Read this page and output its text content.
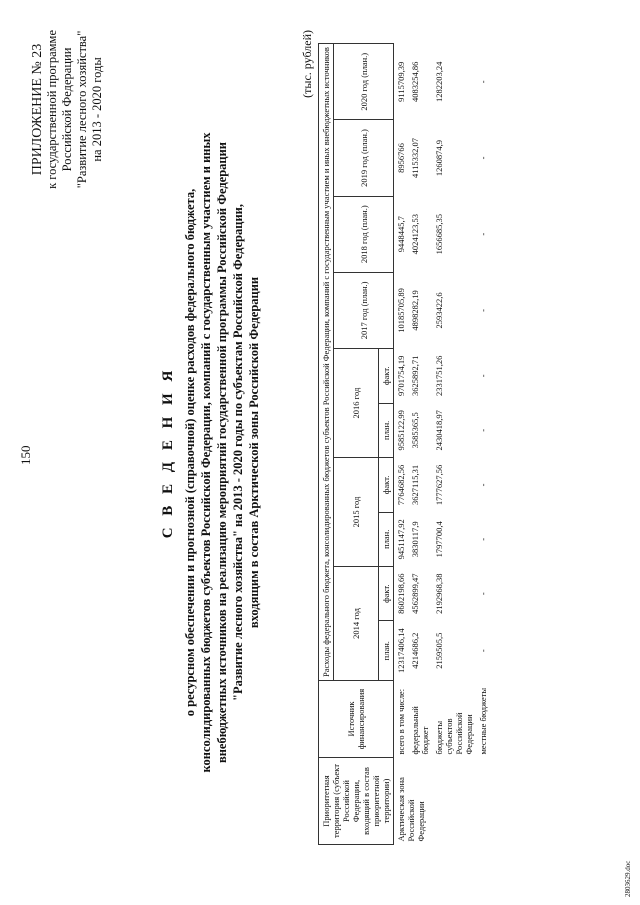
150
ПРИЛОЖЕНИЕ № 23 к государственной программе Российской Федерации "Развитие лесного хозяйства" на 2013 - 2020 годы
С В Е Д Е Н И Я о ресурсном обеспечении и прогнозной (справочной) оценке расходов федерального бюджета, консолидированных бюджетов субъектов Российской Федерации, компаний с государственным участием и иных внебюджетных источников на реализацию мероприятий государственной программы Российской Федерации "Развитие лесного хозяйства" на 2013 - 2020 годы по субъектам Российской Федерации, входящим в состав Арктической зоны Российской Федерации
(тыс. рублей)
Приоритетная территория (субъект Российской Федерации, входящий в состав приоритетной территории)	Источник финансирования	Расходы федерального бюджета, консолидированных бюджетов субъектов Российской Федерации, компаний с государственным участием и иных внебюджетных источников									
		2014 год		2015 год		2016 год		2017 год (план.)	2018 год (план.)	2019 год (план.)	2020 год (план.)
		план.	факт.	план.	факт.	план.	факт.				
Арктическая зона Российской Федерации	всего в том числе:	12317406,14	8602198,66	9451147,92	7764682,56	9585122,99	9701754,19	10185705,89	9448445,7	8956766	9115709,39
	федеральный бюджет	4214686,2	4562899,47	3830117,9	3627115,31	3585365,5	3625892,71	4898282,19	4024123,53	4115332,07	4083254,86
	бюджеты субъектов Российской Федерации	2159505,5	2192968,38	1797700,4	1777627,56	2430418,97	2331751,26	2593422,6	1656685,35	1260874,9	1282203,24
	местные бюджеты	-	-	-	-	-	-	-	-	-	-
2803629.doc
